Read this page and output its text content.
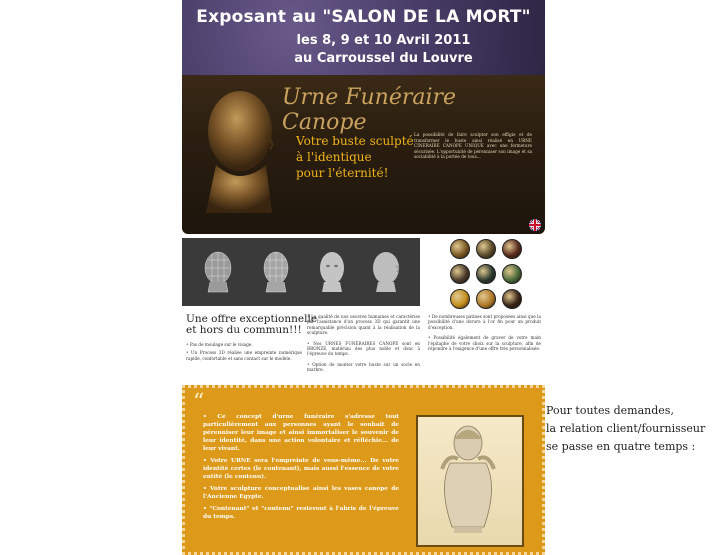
Exposant au "SALON DE LA MORT"
les 8, 9 et 10 Avril 2011
au Carroussel du Louvre
Urne Funéraire Canope
Votre buste sculpté
à l'identique
pour l'éternité!
La possibilité de faire sculpter son effigie et de transformer le buste ainsi réalisé en URNE CINERAIRE CANOPE UNIQUE avec une fermeture sécurisée. L'opportunité de pérenniser son image et sa sociabilité à la portée de tous...
Une offre exceptionnelle
et hors du commun!!!
• Pas de moulage sur le visage.
• Un Process 3D réalise une empreinte numérique rapide, confortable et sans contact sur le modèle.
• La qualité de nos oeuvres humaines et caractérise par l'assistance d'un process 3D qui garantit une remarquable précision quant à la réalisation de la sculpture.
• Nos URNES FUNÉRAIRES CANOPE sont en BRONZE, matériau des plus noble et donc à l'épreuve du temps.
• Option de monter votre buste sur un socle en marbre.
• De nombreuses patines sont proposées ainsi que la possibilité d'une dorure à l'or fin pour un produit d'exception.
• Possibilité également de graver de votre main l'épitaphe de votre choix sur la sculpture, afin de répondre à l'exigence d'une offre très personnalisée.
“

• Ce concept d'urne funéraire s'adresse tout particulièrement aux personnes ayant le souhait de pérenniser leur image et ainsi immortaliser le souvenir de leur identité, dans une action volontaire et réfléchie... de leur vivant.

• Votre URNE sera l'empreinte de vous-même... De votre identité certes (le contenant), mais aussi l'essence de votre entité (le contenu).

• Votre sculpture conceptualise ainsi les vases canope de l'Ancienne Egypte.

• "Contenant" et "contenu" resteront à l'abris de l'épreuve du temps.

Pour toutes demandes,
la relation client/fournisseur
se passe en quatre temps :
